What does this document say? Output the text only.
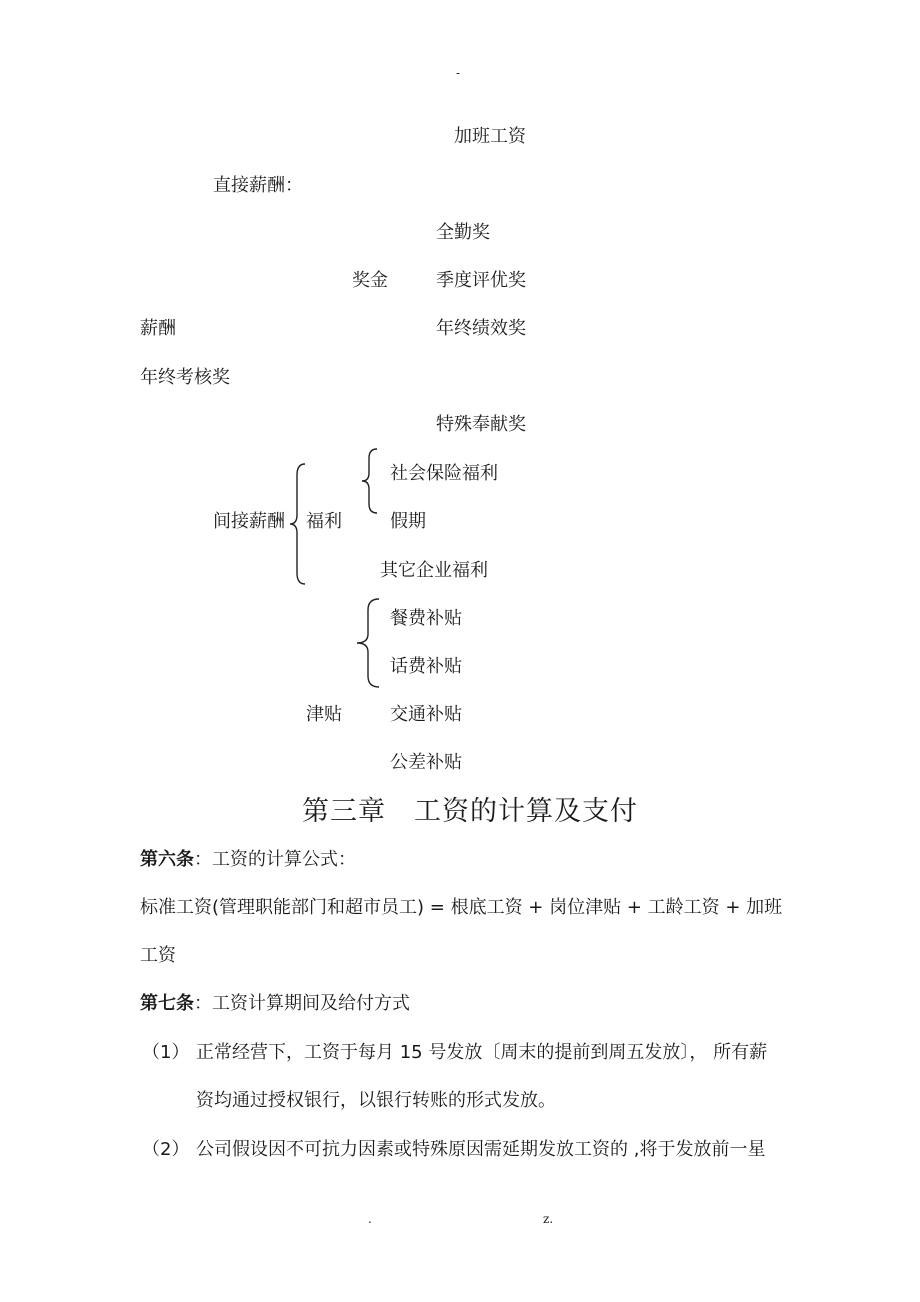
-
加班工资
直接薪酬：
全勤奖
奖金	季度评优奖
薪酬	年终绩效奖
年终考核奖
特殊奉献奖
社会保险福利
间接薪酬 福利	假期
其它企业福利
餐费补贴
话费补贴
津贴	交通补贴
公差补贴
第三章　工资的计算及支付
第六条：工资的计算公式：
标准工资(管理职能部门和超市员工) = 根底工资 + 岗位津贴 + 工龄工资 + 加班
工资
第七条：工资计算期间及给付方式
（1） 正常经营下，工资于每月 15 号发放〔周末的提前到周五发放〕， 所有薪
资均通过授权银行，以银行转账的形式发放。
（2） 公司假设因不可抗力因素或特殊原因需延期发放工资的 ,将于发放前一星
.	z.
